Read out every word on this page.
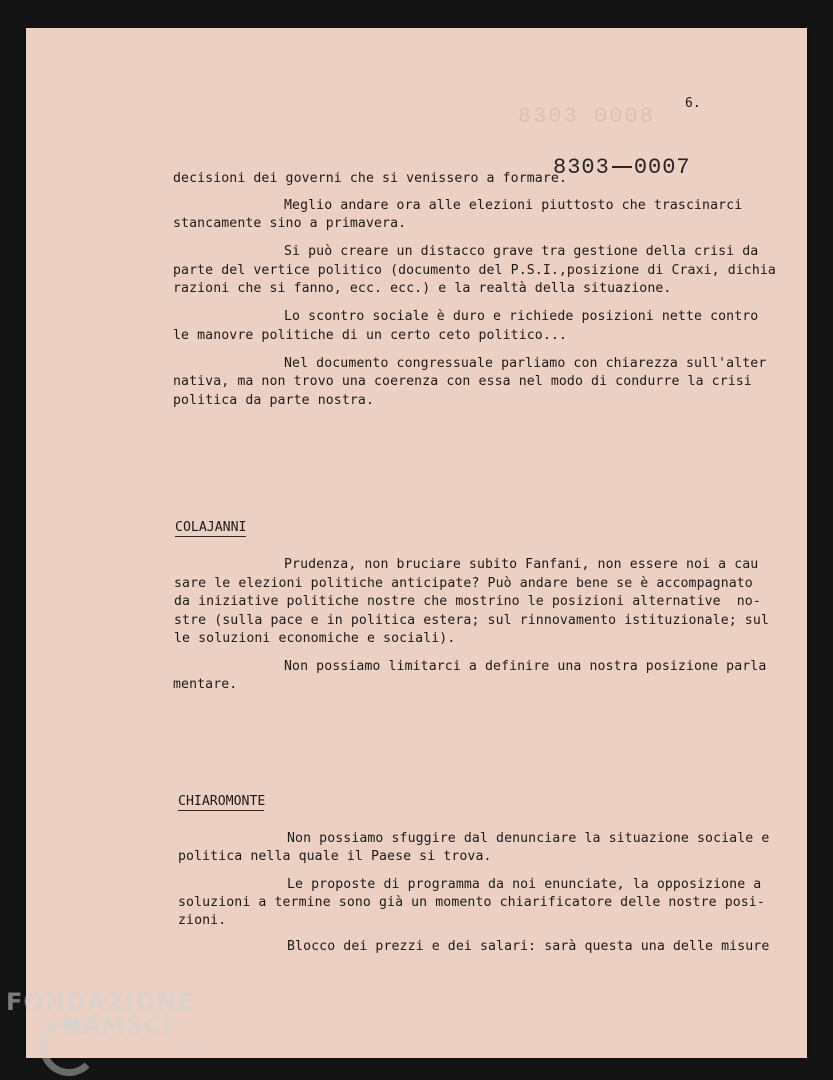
8303 0008
6.
8303 0007
decisioni dei governi che si venissero a formare.
Meglio andare ora alle elezioni piuttosto che trascinarci
stancamente sino a primavera.
Si può creare un distacco grave tra gestione della crisi da
parte del vertice politico (documento del P.S.I.,posizione di Craxi, dichia
razioni che si fanno, ecc. ecc.) e la realtà della situazione.
Lo scontro sociale è duro e richiede posizioni nette contro
le manovre politiche di un certo ceto politico...
Nel documento congressuale parliamo con chiarezza sull'alter
nativa, ma non trovo una coerenza con essa nel modo di condurre la crisi
politica da parte nostra.
COLAJANNI
Prudenza, non bruciare subito Fanfani, non essere noi a cau
sare le elezioni politiche anticipate? Può andare bene se è accompagnato
da iniziative politiche nostre che mostrino le posizioni alternative  no-
stre (sulla pace e in politica estera; sul rinnovamento istituzionale; sul
le soluzioni economiche e sociali).
Non possiamo limitarci a definire una nostra posizione parla
mentare.
CHIAROMONTE
Non possiamo sfuggire dal denunciare la situazione sociale e
politica nella quale il Paese si trova.
Le proposte di programma da noi enunciate, la opposizione a
soluzioni a termine sono già un momento chiarificatore delle nostre posi-
zioni.
Blocco dei prezzi e dei salari: sarà questa una delle misure
FONDAZIONE
RAMSCI
onlus
